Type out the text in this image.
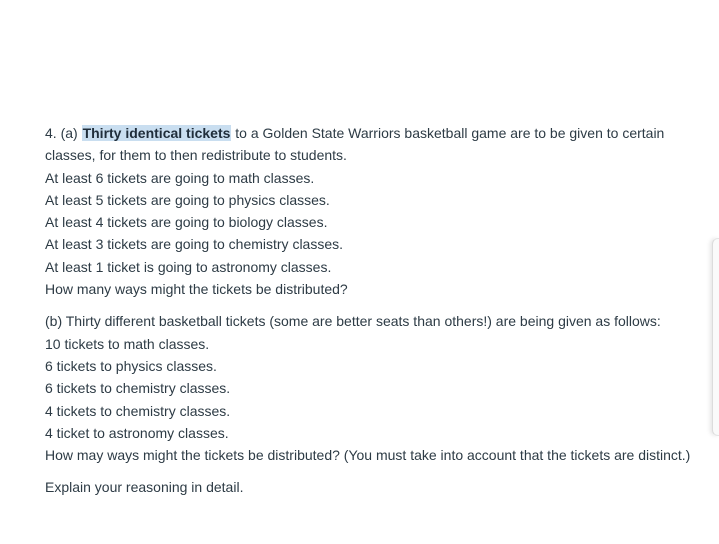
4. (a) Thirty identical tickets to a Golden State Warriors basketball game are to be given to certain
classes, for them to then redistribute to students.
At least 6 tickets are going to math classes.
At least 5 tickets are going to physics classes.
At least 4 tickets are going to biology classes.
At least 3 tickets are going to chemistry classes.
At least 1 ticket is going to astronomy classes.
How many ways might the tickets be distributed?
(b) Thirty different basketball tickets (some are better seats than others!) are being given as follows:
10 tickets to math classes.
6 tickets to physics classes.
6 tickets to chemistry classes.
4 tickets to chemistry classes.
4 ticket to astronomy classes.
How may ways might the tickets be distributed? (You must take into account that the tickets are distinct.)
Explain your reasoning in detail.
